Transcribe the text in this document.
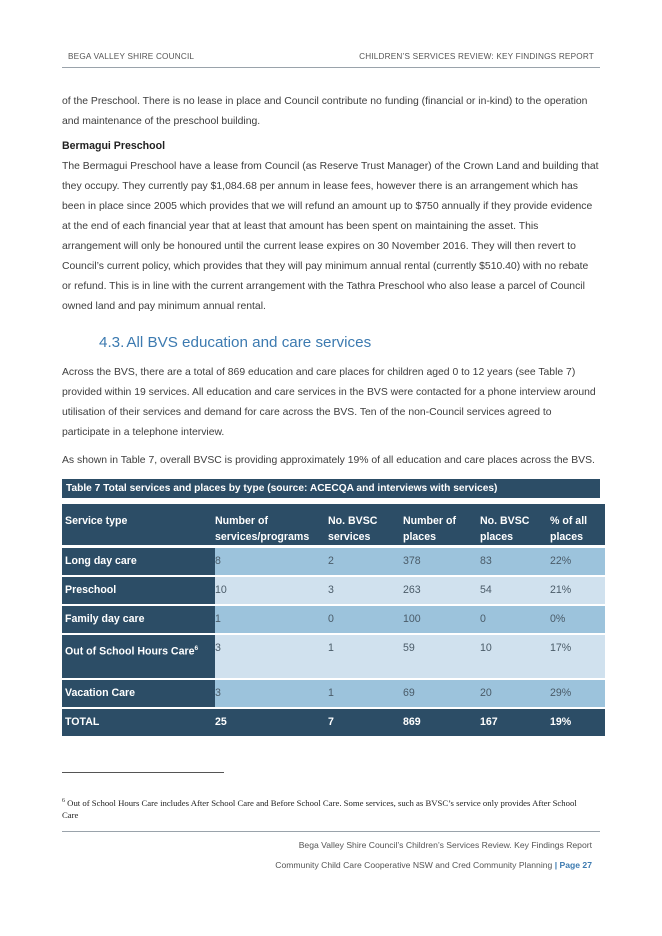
BEGA VALLEY SHIRE COUNCIL	CHILDREN’S SERVICES REVIEW: KEY FINDINGS REPORT

of the Preschool. There is no lease in place and Council contribute no funding (financial or in-kind) to the operation and maintenance of the preschool building.

Bermagui Preschool

The Bermagui Preschool have a lease from Council (as Reserve Trust Manager) of the Crown Land and building that they occupy. They currently pay $1,084.68 per annum in lease fees, however there is an arrangement which has been in place since 2005 which provides that we will refund an amount up to $750 annually if they provide evidence at the end of each financial year that at least that amount has been spent on maintaining the asset. This arrangement will only be honoured until the current lease expires on 30 November 2016. They will then revert to Council’s current policy, which provides that they will pay minimum annual rental (currently $510.40) with no rebate or refund. This is in line with the current arrangement with the Tathra Preschool who also lease a parcel of Council owned land and pay minimum annual rental.

4.3. All BVS education and care services

Across the BVS, there are a total of 869 education and care places for children aged 0 to 12 years (see Table 7) provided within 19 services. All education and care services in the BVS were contacted for a phone interview around utilisation of their services and demand for care across the BVS. Ten of the non-Council services agreed to participate in a telephone interview.

As shown in Table 7, overall BVSC is providing approximately 19% of all education and care places across the BVS.

Table 7 Total services and places by type (source: ACECQA and interviews with services)
Service type	Number of services/programs	No. BVSC services	Number of places	No. BVSC places	% of all places
Long day care	8	2	378	83	22%
Preschool	10	3	263	54	21%
Family day care	1	0	100	0	0%
Out of School Hours Care$^6$	3	1	59	10	17%
Vacation Care	3	1	69	20	29%
TOTAL	25	7	869	167	19%
$^6$ Out of School Hours Care includes After School Care and Before School Care. Some services, such as BVSC’s service only provides After School Care
Bega Valley Shire Council’s Children’s Services Review. Key Findings Report
Community Child Care Cooperative NSW and Cred Community Planning | Page 27
